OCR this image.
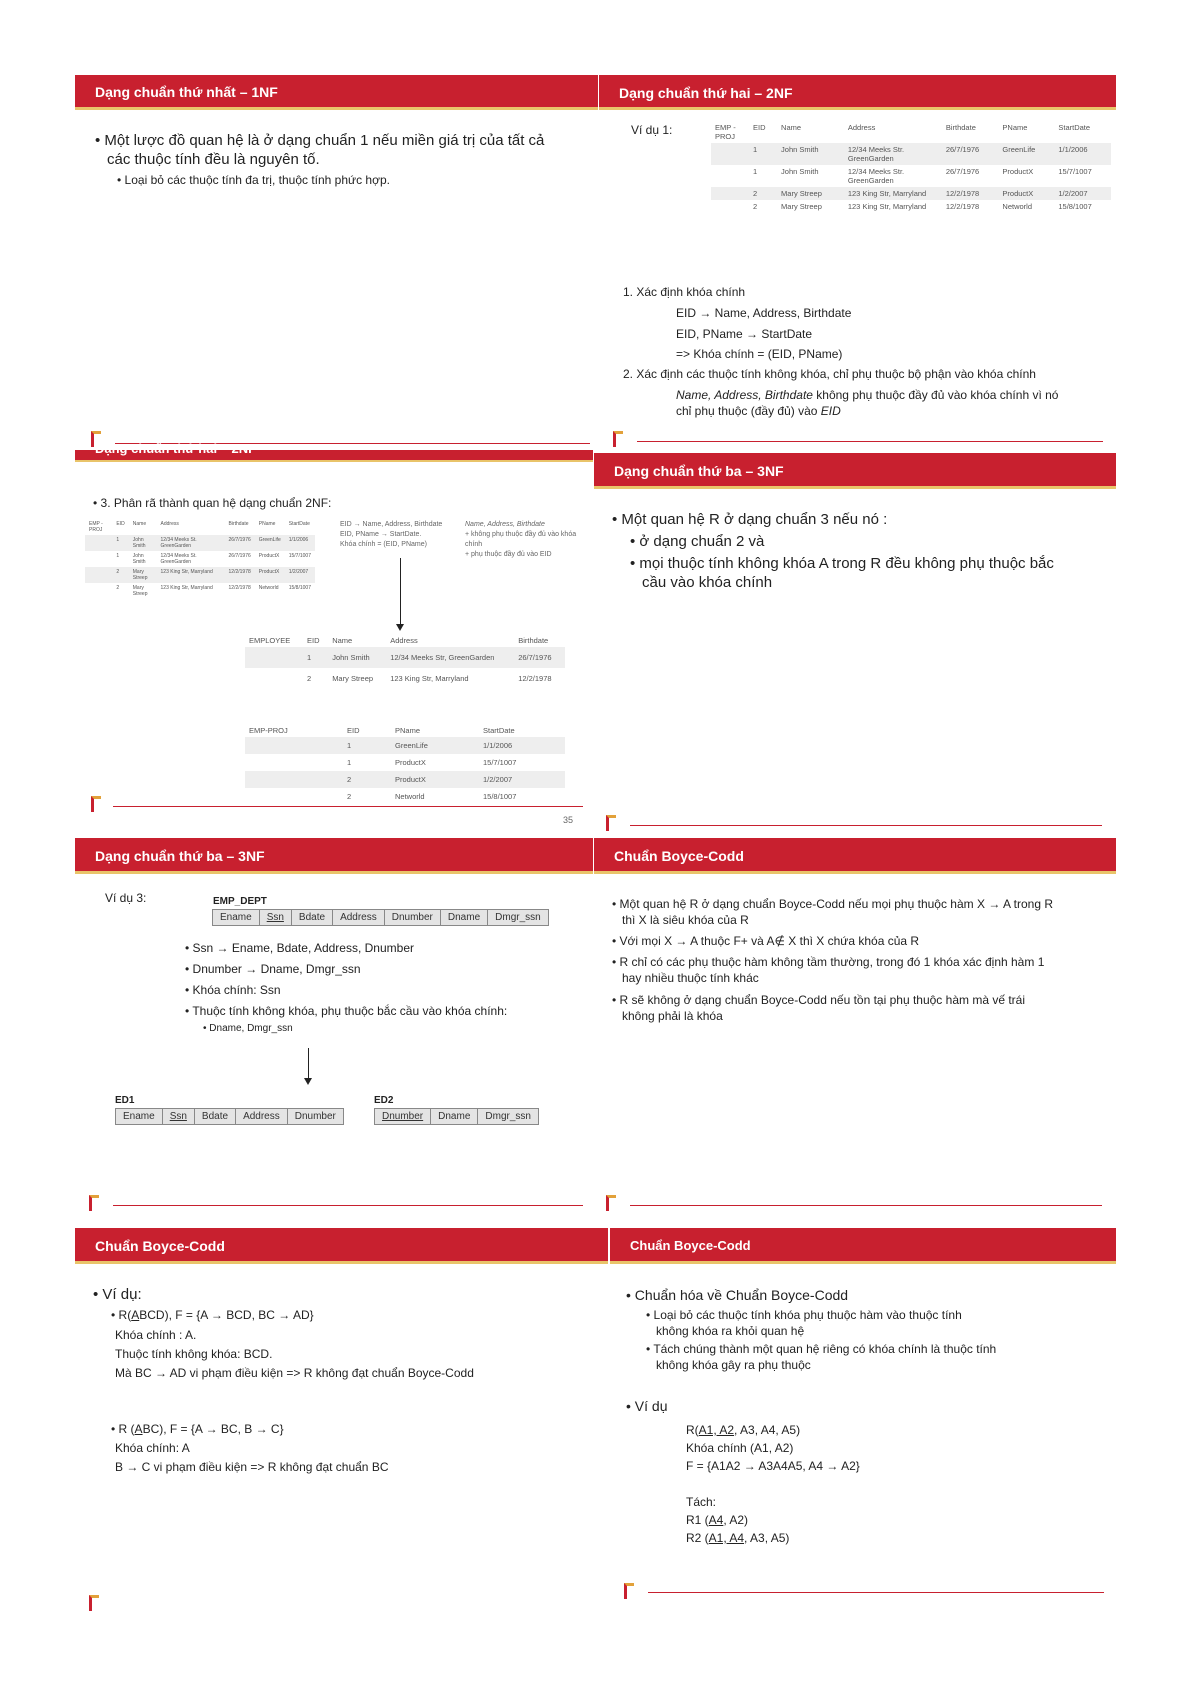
Dạng chuẩn thứ nhất – 1NF
• Một lược đồ quan hệ là ở dạng chuẩn 1 nếu miền giá trị của tất cả
các thuộc tính đều là nguyên tố.
• Loại bỏ các thuộc tính đa trị, thuộc tính phức hợp.
Dạng chuẩn thứ hai – 2NF
Ví dụ 1:	EMP - PROJ	EID	Name	Address	Birthdate	PName	StartDate
	1	John Smith	12/34 Meeks Str. GreenGarden	26/7/1976	GreenLife	1/1/2006
	1	John Smith	12/34 Meeks Str. GreenGarden	26/7/1976	ProductX	15/7/1007
	2	Mary Streep	123 King Str, Marryland	12/2/1978	ProductX	1/2/2007
	2	Mary Streep	123 King Str, Marryland	12/2/1978	Networld	15/8/1007
1. Xác định khóa chính
EID → Name, Address, Birthdate
EID, PName → StartDate
=> Khóa chính = (EID, PName)
2. Xác định các thuộc tính không khóa, chỉ phụ thuộc bộ phận vào khóa chính
Name, Address, Birthdate không phụ thuộc đầy đủ vào khóa chính vì nó
chỉ phụ thuộc (đầy đủ) vào EID
Dạng chuẩn thứ hai – 2NF
• 3. Phân rã thành quan hệ dạng chuẩn 2NF:
EMP - PROJ	EID	Name	Address	Birthdate	PName	StartDate
	1	John Smith	12/34 Meeks St. GreenGarden	26/7/1976	GreenLife	1/1/2006
	1	John Smith	12/34 Meeks St. GreenGarden	26/7/1976	ProductX	15/7/1007
	2	Mary Streep	123 King Str, Marryland	12/2/1978	ProductX	1/2/2007
	2	Mary Streep	123 King Str, Marryland	12/2/1978	Networld	15/8/1007
EID → Name, Address, Birthdate
EID, PName → StartDate.
Khóa chính = (EID, PName)
Name, Address, Birthdate
+ không phụ thuộc đầy đủ vào khóa
chính
+ phụ thuộc đầy đủ vào EID
EMPLOYEE	EID	Name	Address	Birthdate
	1	John Smith	12/34 Meeks Str, GreenGarden	26/7/1976
	2	Mary Streep	123 King Str, Marryland	12/2/1978
EMP-PROJ	EID	PName	StartDate
	1	GreenLife	1/1/2006
	1	ProductX	15/7/1007
	2	ProductX	1/2/2007
	2	Networld	15/8/1007
35
Dạng chuẩn thứ ba – 3NF
• Một quan hệ R ở dạng chuẩn 3 nếu nó :
• ở dạng chuẩn 2 và
• mọi thuộc tính không khóa A trong R đều không phụ thuộc bắc
cầu vào khóa chính
Dạng chuẩn thứ ba – 3NF
Ví dụ 3:	EMP_DEPT
Ename	Ssn	Bdate	Address	Dnumber	Dname	Dmgr_ssn
• Ssn → Ename, Bdate, Address, Dnumber
• Dnumber → Dname, Dmgr_ssn
• Khóa chính: Ssn
• Thuộc tính không khóa, phụ thuộc bắc cầu vào khóa chính:
• Dname, Dmgr_ssn
ED1
Ename	Ssn	Bdate	Address	Dnumber
ED2
Dnumber	Dname	Dmgr_ssn
Chuẩn Boyce-Codd
• Một quan hệ R ở dạng chuẩn Boyce-Codd nếu mọi phụ thuộc hàm X → A trong R
thì X là siêu khóa của R
• Với mọi X → A thuộc F+ và A∉ X thì X chứa khóa của R
• R chỉ có các phụ thuộc hàm không tầm thường, trong đó 1 khóa xác định hàm 1
hay nhiều thuộc tính khác
• R sẽ không ở dạng chuẩn Boyce-Codd nếu tồn tại phụ thuộc hàm mà vế trái
không phải là khóa
Chuẩn Boyce-Codd
• Ví dụ:
• R(ABCD), F = {A → BCD, BC → AD}
Khóa chính : A.
Thuộc tính không khóa: BCD.
Mà BC → AD vi phạm điều kiện => R không đạt chuẩn Boyce-Codd
• R (ABC), F = {A → BC, B → C}
Khóa chính: A
B → C vi phạm điều kiện => R không đạt chuẩn BC
Chuẩn Boyce-Codd
• Chuẩn hóa về Chuẩn Boyce-Codd
• Loại bỏ các thuộc tính khóa phụ thuộc hàm vào thuộc tính
không khóa ra khỏi quan hệ
• Tách chúng thành một quan hệ riêng có khóa chính là thuộc tính
không khóa gây ra phụ thuộc
• Ví dụ
R(A1, A2, A3, A4, A5)
Khóa chính (A1, A2)
F = {A1A2 → A3A4A5, A4 → A2}
Tách:
R1 (A4, A2)
R2 (A1, A4, A3, A5)
